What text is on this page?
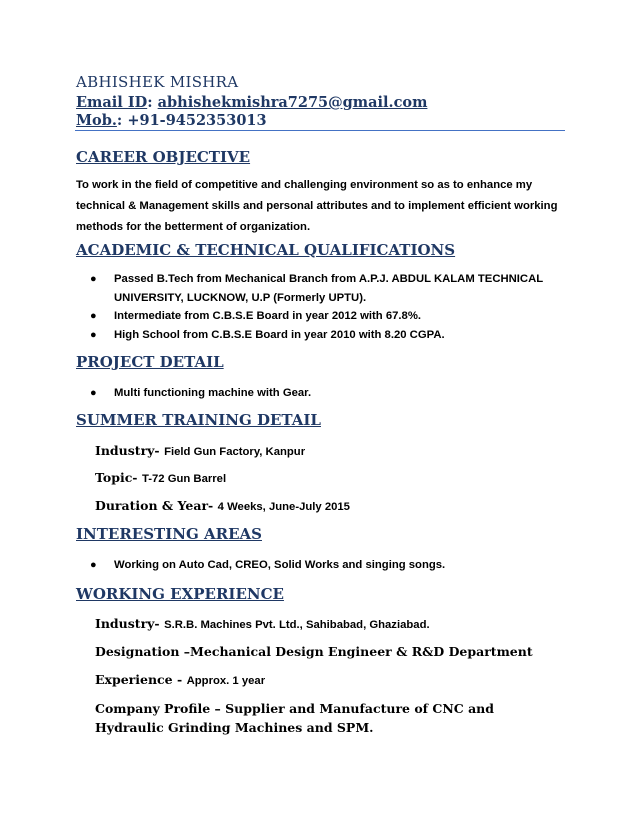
ABHISHEK MISHRA
Email ID: abhishekmishra7275@gmail.com
Mob.: +91-9452353013
CAREER OBJECTIVE

To work in the field of competitive and challenging environment so as to enhance my technical & Management skills and personal attributes and to implement efficient working methods for the betterment of organization.

ACADEMIC & TECHNICAL QUALIFICATIONS
● Passed B.Tech from Mechanical Branch from A.P.J. ABDUL KALAM TECHNICAL UNIVERSITY, LUCKNOW, U.P (Formerly UPTU).
● Intermediate from C.B.S.E Board in year 2012 with 67.8%.
● High School from C.B.S.E Board in year 2010 with 8.20 CGPA.
PROJECT DETAIL
● Multi functioning machine with Gear.
SUMMER TRAINING DETAIL

Industry- Field Gun Factory, Kanpur

Topic- T-72 Gun Barrel

Duration & Year- 4 Weeks, June-July 2015

INTERESTING AREAS
● Working on Auto Cad, CREO, Solid Works and singing songs.
WORKING EXPERIENCE

Industry- S.R.B. Machines Pvt. Ltd., Sahibabad, Ghaziabad.

Designation –Mechanical Design Engineer & R&D Department

Experience - Approx. 1 year

Company Profile – Supplier and Manufacture of CNC and Hydraulic Grinding Machines and SPM.
